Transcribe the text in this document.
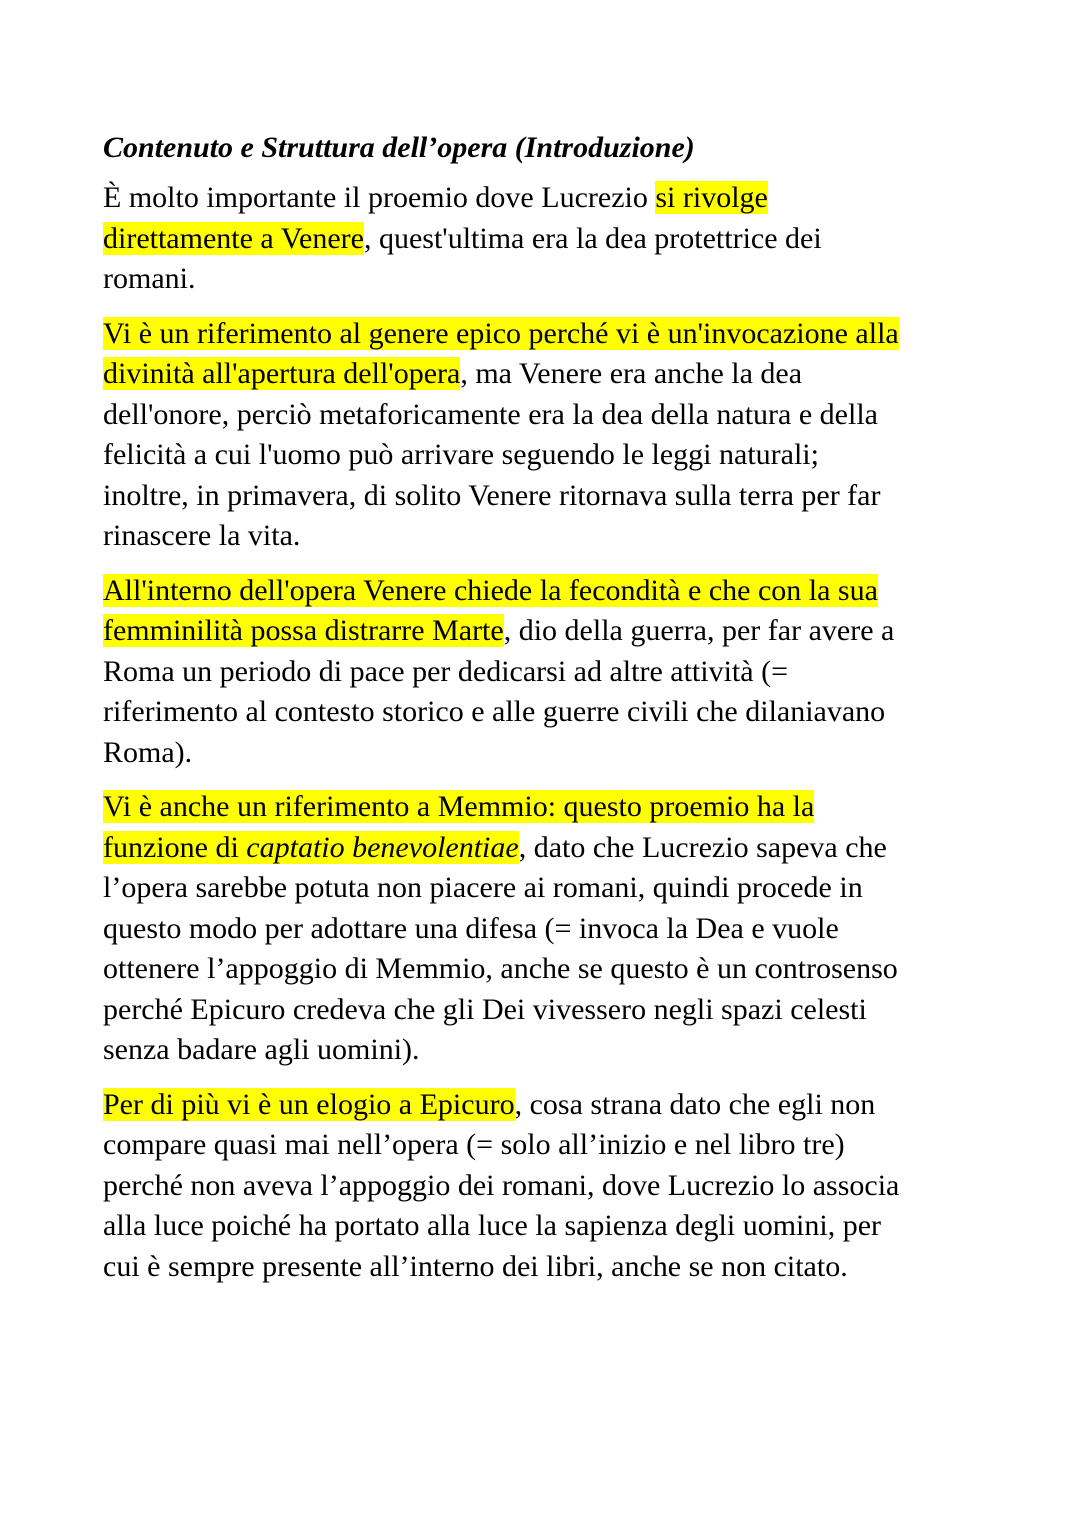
Contenuto e Struttura dell’opera (Introduzione)
È molto importante il proemio dove Lucrezio si rivolge
direttamente a Venere, quest'ultima era la dea protettrice dei
romani.
Vi è un riferimento al genere epico perché vi è un'invocazione alla
divinità all'apertura dell'opera, ma Venere era anche la dea
dell'onore, perciò metaforicamente era la dea della natura e della
felicità a cui l'uomo può arrivare seguendo le leggi naturali;
inoltre, in primavera, di solito Venere ritornava sulla terra per far
rinascere la vita.
All'interno dell'opera Venere chiede la fecondità e che con la sua
femminilità possa distrarre Marte, dio della guerra, per far avere a
Roma un periodo di pace per dedicarsi ad altre attività (=
riferimento al contesto storico e alle guerre civili che dilaniavano
Roma).
Vi è anche un riferimento a Memmio: questo proemio ha la
funzione di captatio benevolentiae, dato che Lucrezio sapeva che
l’opera sarebbe potuta non piacere ai romani, quindi procede in
questo modo per adottare una difesa (= invoca la Dea e vuole
ottenere l’appoggio di Memmio, anche se questo è un controsenso
perché Epicuro credeva che gli Dei vivessero negli spazi celesti
senza badare agli uomini).
Per di più vi è un elogio a Epicuro, cosa strana dato che egli non
compare quasi mai nell’opera (= solo all’inizio e nel libro tre)
perché non aveva l’appoggio dei romani, dove Lucrezio lo associa
alla luce poiché ha portato alla luce la sapienza degli uomini, per
cui è sempre presente all’interno dei libri, anche se non citato.
